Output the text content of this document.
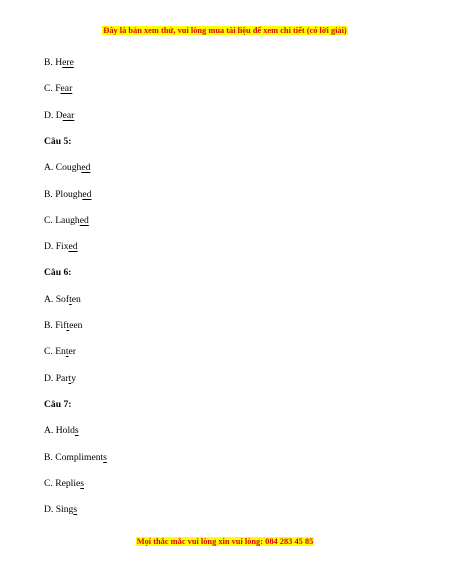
Đây là bản xem thử, vui lòng mua tài liệu để xem chi tiết (có lời giải)
B. Here
C. Fear
D. Dear
Câu 5:
A. Coughed
B. Ploughed
C. Laughed
D. Fixed
Câu 6:
A. Soften
B. Fifteen
C. Enter
D. Party
Câu 7:
A. Holds
B. Compliments
C. Replies
D. Sings
Mọi thắc mắc vui lòng xin vui lòng: 084 283 45 85
